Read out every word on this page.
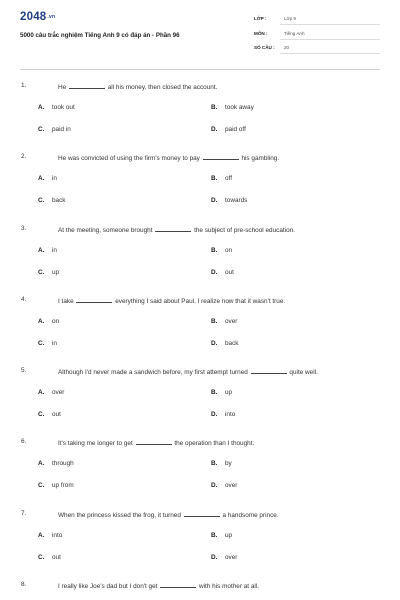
2048.vn
5000 câu trắc nghiệm Tiếng Anh 9 có đáp án - Phần 96
LỚP :	Lớp 9
MÔN :	Tiếng Anh
SỐ CÂU : 20
1.	He	all his money, then closed the account.
A. took out	B. took away
C. paid in	D. paid off
2.	He was convicted of using the firm's money to pay	his gambling.
A. in	B. off
C. back	D. towards
3.	At the meeting, someone brought	the subject of pre-school education.
A. in	B. on
C. up	D. out
4.	I take	everything I said about Paul. I realize now that it wasn't true.
A. on	B. over
C. in	D. back
5.	Although I'd never made a sandwich before, my first attempt turned	quite well.
A. over	B. up
C. out	D. into
6.	It's taking me longer to get	the operation than I thought.
A. through	B. by
C. up from	D. over
7.	When the princess kissed the frog, it turned	a handsome prince.
A. into	B. up
C. out	D. over
8.	I really like Joe's dad but I don't get	with his mother at all.
